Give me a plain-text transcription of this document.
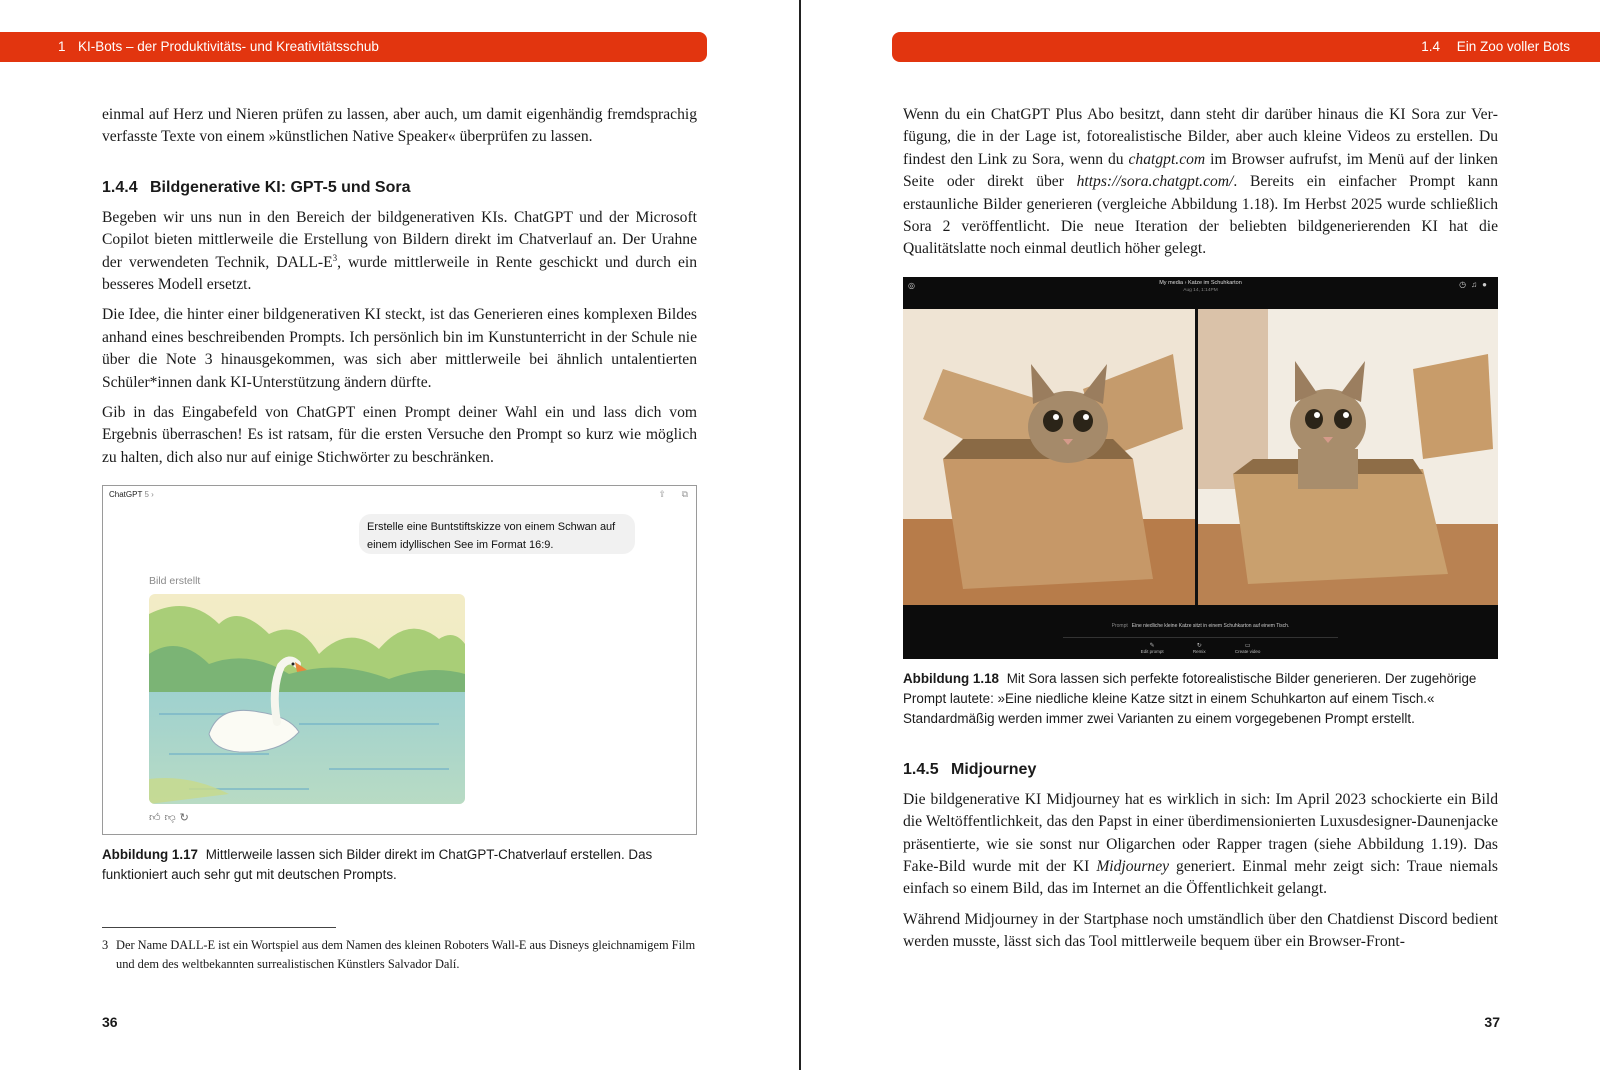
1 KI-Bots – der Produktivitäts- und Kreativitätsschub	1.4 Ein Zoo voller Bots

einmal auf Herz und Nieren prüfen zu lassen, aber auch, um damit eigenhändig fremdsprachig verfasste Texte von einem »künstlichen Native Speaker« überprüfen zu lassen.

1.4.4 Bildgenerative KI: GPT-5 und Sora

Begeben wir uns nun in den Bereich der bildgenerativen KIs. ChatGPT und der Microsoft Copilot bieten mittlerweile die Erstellung von Bildern direkt im Chatverlauf an. Der Urahne der verwendeten Technik, DALL-$E^3$, wurde mittlerweile in Rente geschickt und durch ein besseres Modell ersetzt.

Die Idee, die hinter einer bildgenerativen KI steckt, ist das Generieren eines komplexen Bildes anhand eines beschreibenden Prompts. Ich persönlich bin im Kunstunterricht in der Schule nie über die Note 3 hinausgekommen, was sich aber mittlerweile bei ähnlich untalentierten Schüler*innen dank KI-Unterstützung ändern dürfte.

Gib in das Eingabefeld von ChatGPT einen Prompt deiner Wahl ein und lass dich vom Ergebnis überraschen! Es ist ratsam, für die ersten Versuche den Prompt so kurz wie möglich zu halten, dich also nur auf einige Stichwörter zu beschränken.

ChatGPT 5 ›	⇪ ⧉
Erstelle eine Buntstiftskizze von einem Schwan auf einem idyllischen See im Format 16:9.
Bild erstellt
👍︎👎︎↻

Abbildung 1.17 Mittlerweile lassen sich Bilder direkt im ChatGPT-Chatverlauf erstellen. Das funktioniert auch sehr gut mit deutschen Prompts.

3 Der Name DALL-E ist ein Wortspiel aus dem Namen des kleinen Roboters Wall-E aus Disneys gleichnamigem Film und dem des weltbekannten surrealistischen Künstlers Salvador Dalí.
36

Wenn du ein ChatGPT Plus Abo besitzt, dann steht dir darüber hinaus die KI Sora zur Verfügung, die in der Lage ist, fotorealistische Bilder, aber auch kleine Videos zu erstellen. Du findest den Link zu Sora, wenn du chatgpt.com im Browser aufrufst, im Menü auf der linken Seite oder direkt über https://sora.chatgpt.com/. Bereits ein einfacher Prompt kann erstaunliche Bilder generieren (vergleiche Abbildung 1.18). Im Herbst 2025 wurde schließlich Sora 2 veröffentlicht. Die neue Iteration der beliebten bildgenerierenden KI hat die Qualitätslatte noch einmal deutlich höher gelegt.

◎	My media › Katze im Schuhkarton
Aug 14, 1:14PM
◷♫●
Prompt Eine niedliche kleine Katze sitzt in einem Schuhkarton auf einem Tisch.
✎
Edit prompt
↻
Remix
▭
Create video

Abbildung 1.18 Mit Sora lassen sich perfekte fotorealistische Bilder generieren. Der zugehörige Prompt lautete: »Eine niedliche kleine Katze sitzt in einem Schuhkarton auf einem Tisch.« Standardmäßig werden immer zwei Varianten zu einem vorgegebenen Prompt erstellt.

1.4.5 Midjourney

Die bildgenerative KI Midjourney hat es wirklich in sich: Im April 2023 schockierte ein Bild die Weltöffentlichkeit, das den Papst in einer überdimensionierten Luxusdesigner-Daunenjacke präsentierte, wie sie sonst nur Oligarchen oder Rapper tragen (siehe Abbildung 1.19). Das Fake-Bild wurde mit der KI Midjourney generiert. Einmal mehr zeigt sich: Traue niemals einfach so einem Bild, das im Internet an die Öffentlichkeit gelangt.

Während Midjourney in der Startphase noch umständlich über den Chatdienst Discord bedient werden musste, lässt sich das Tool mittlerweile bequem über ein Browser-Front-

37
